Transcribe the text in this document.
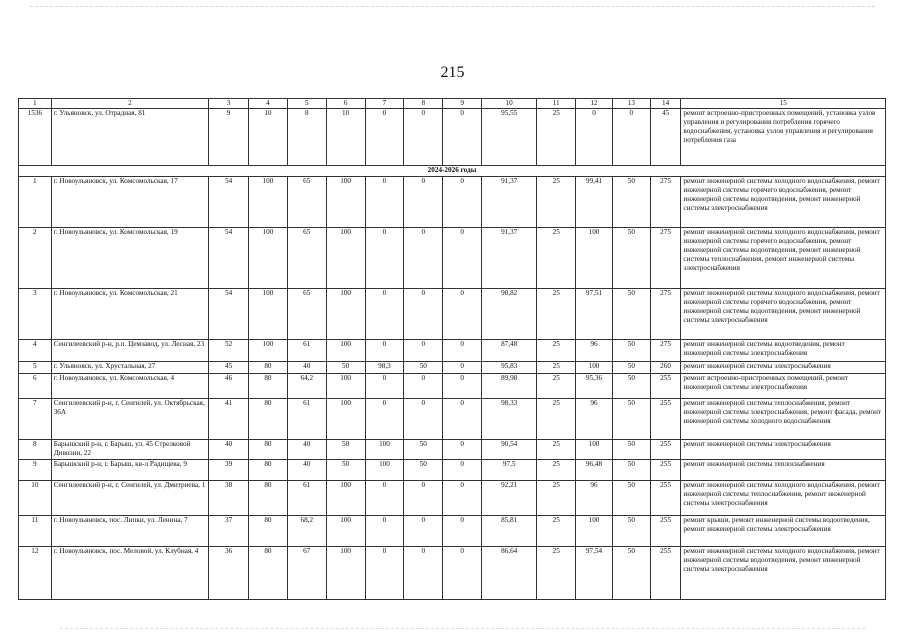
215
1	2	3	4	5	6	7	8	9	10	11	12	13	14	15
1536	г. Ульяновск, ул. Отрадная, 81	9	10	8	10	0	0	0	95,55	25	0	0	45	ремонт встроенно-пристроенных помещений, установка узлов управления и регулирования потребления горячего водоснабжения, установка узлов управления и регулирования потребления газа
2024-2026 годы														
1	г. Новоульяновск, ул. Комсомольская, 17	54	100	65	100	0	0	0	91,37	25	99,41	50	275	ремонт инженерной системы холодного водоснабжения, ремонт инженерной системы горячего водоснабжения, ремонт инженерной системы водоотведения, ремонт инженерной системы электроснабжения
2	г. Новоульяновск, ул. Комсомольская, 19	54	100	65	100	0	0	0	91,37	25	100	50	275	ремонт инженерной системы холодного водоснабжения, ремонт инженерной системы горячего водоснабжения, ремонт инженерной системы водоотведения, ремонт инженерной системы теплоснабжения, ремонт инженерной системы электроснабжения
3	г. Новоульяновск, ул. Комсомольская, 21	54	100	65	100	0	0	0	90,82	25	97,51	50	275	ремонт инженерной системы холодного водоснабжения, ремонт инженерной системы горячего водоснабжения, ремонт инженерной системы водоотведения, ремонт инженерной системы электроснабжения
4	Сенгилеевский р-н, р.п. Цемзавод, ул. Лесная, 23	52	100	61	100	0	0	0	87,48	25	96	50	275	ремонт инженерной системы водоотведения, ремонт инженерной системы электроснабжения
5	г. Ульяновск, ул. Хрустальная, 27	45	80	40	50	98,3	50	0	95,83	25	100	50	260	ремонт инженерной системы электроснабжения
6	г. Новоульяновск, ул. Комсомольская, 4	46	80	64,2	100	0	0	0	89,98	25	95,36	50	255	ремонт встроенно-пристроенных помещений, ремонт инженерной системы электроснабжения
7	Сенгилеевский р-н, г. Сенгилей, ул. Октябрьская, 36А	41	80	61	100	0	0	0	98,33	25	96	50	255	ремонт инженерной системы теплоснабжения, ремонт инженерной системы электроснабжения, ремонт фасада, ремонт инженерной системы холодного водоснабжения
8	Барышский р-н, г. Барыш, ул. 45 Стрелковой Дивизии, 22	40	80	40	50	100	50	0	90,54	25	100	50	255	ремонт инженерной системы электроснабжения
9	Барышский р-н, г. Барыш, кв-л Радищева, 9	39	80	40	50	100	50	0	97,5	25	96,48	50	255	ремонт инженерной системы теплоснабжения
10	Сенгилеевский р-н, г. Сенгилей, ул. Дмитриева, 1	38	80	61	100	0	0	0	92,21	25	96	50	255	ремонт инженерной системы холодного водоснабжения, ремонт инженерной системы теплоснабжения, ремонт инженерной системы электроснабжения
11	г. Новоульяновск, пос. Липки, ул. Ленина, 7	37	80	68,2	100	0	0	0	85,81	25	100	50	255	ремонт крыши, ремонт инженерной системы водоотведения, ремонт инженерной системы электроснабжения
12	г. Новоульяновск, пос. Меловой, ул. Клубная, 4	36	80	67	100	0	0	0	86,64	25	97,54	50	255	ремонт инженерной системы холодного водоснабжения, ремонт инженерной системы водоотведения, ремонт инженерной системы электроснабжения
